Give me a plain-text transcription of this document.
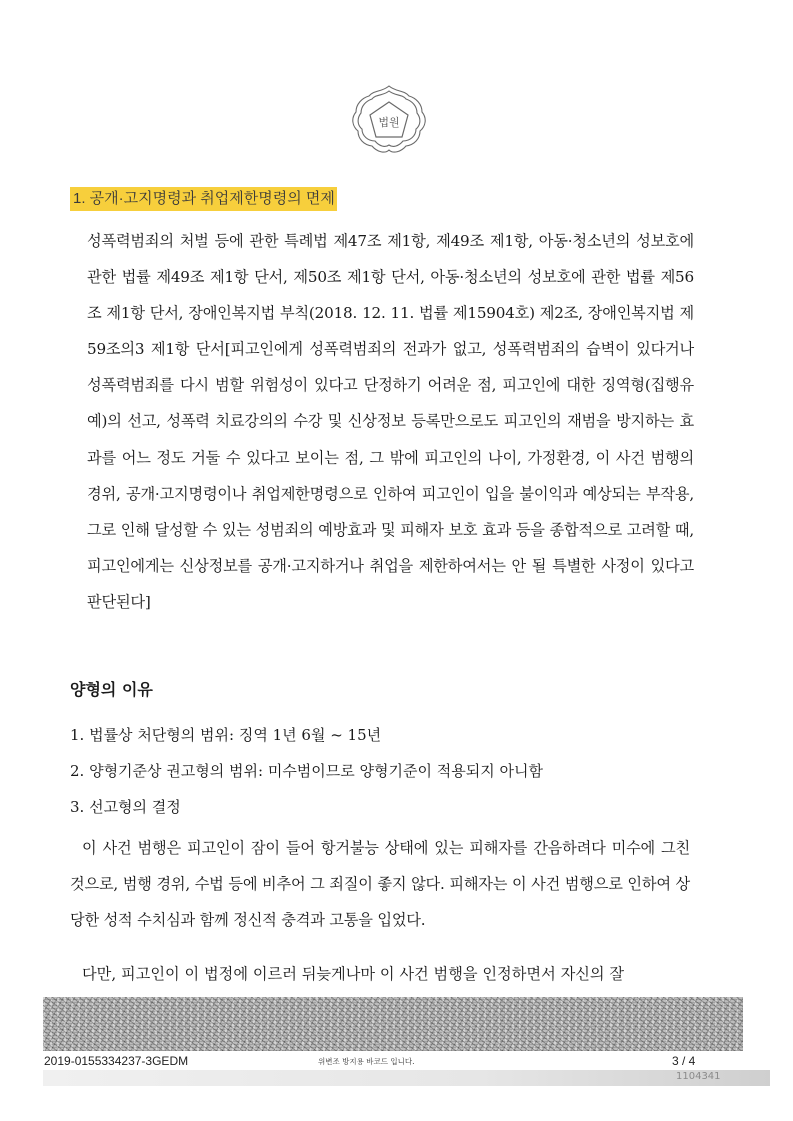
법원
1. 공개·고지명령과 취업제한명령의 면제
성폭력범죄의 처벌 등에 관한 특례법 제47조 제1항, 제49조 제1항, 아동·청소년의 성보호에 관한 법률 제49조 제1항 단서, 제50조 제1항 단서, 아동·청소년의 성보호에 관한 법률 제56조 제1항 단서, 장애인복지법 부칙(2018. 12. 11. 법률 제15904호) 제2조, 장애인복지법 제59조의3 제1항 단서[피고인에게 성폭력범죄의 전과가 없고, 성폭력범죄의 습벽이 있다거나 성폭력범죄를 다시 범할 위험성이 있다고 단정하기 어려운 점, 피고인에 대한 징역형(집행유예)의 선고, 성폭력 치료강의의 수강 및 신상정보 등록만으로도 피고인의 재범을 방지하는 효과를 어느 정도 거둘 수 있다고 보이는 점, 그 밖에 피고인의 나이, 가정환경, 이 사건 범행의 경위, 공개·고지명령이나 취업제한명령으로 인하여 피고인이 입을 불이익과 예상되는 부작용, 그로 인해 달성할 수 있는 성범죄의 예방효과 및 피해자 보호 효과 등을 종합적으로 고려할 때, 피고인에게는 신상정보를 공개·고지하거나 취업을 제한하여서는 안 될 특별한 사정이 있다고 판단된다]
양형의 이유
1. 법률상 처단형의 범위: 징역 1년 6월 ~ 15년
2. 양형기준상 권고형의 범위: 미수범이므로 양형기준이 적용되지 아니함
3. 선고형의 결정
이 사건 범행은 피고인이 잠이 들어 항거불능 상태에 있는 피해자를 간음하려다 미수에 그친 것으로, 범행 경위, 수법 등에 비추어 그 죄질이 좋지 않다. 피해자는 이 사건 범행으로 인하여 상당한 성적 수치심과 함께 정신적 충격과 고통을 입었다.
다만, 피고인이 이 법정에 이르러 뒤늦게나마 이 사건 범행을 인정하면서 자신의 잘
2019-0155334237-3GEDM	위변조 방지용 바코드 입니다.	3 / 4
1104341
